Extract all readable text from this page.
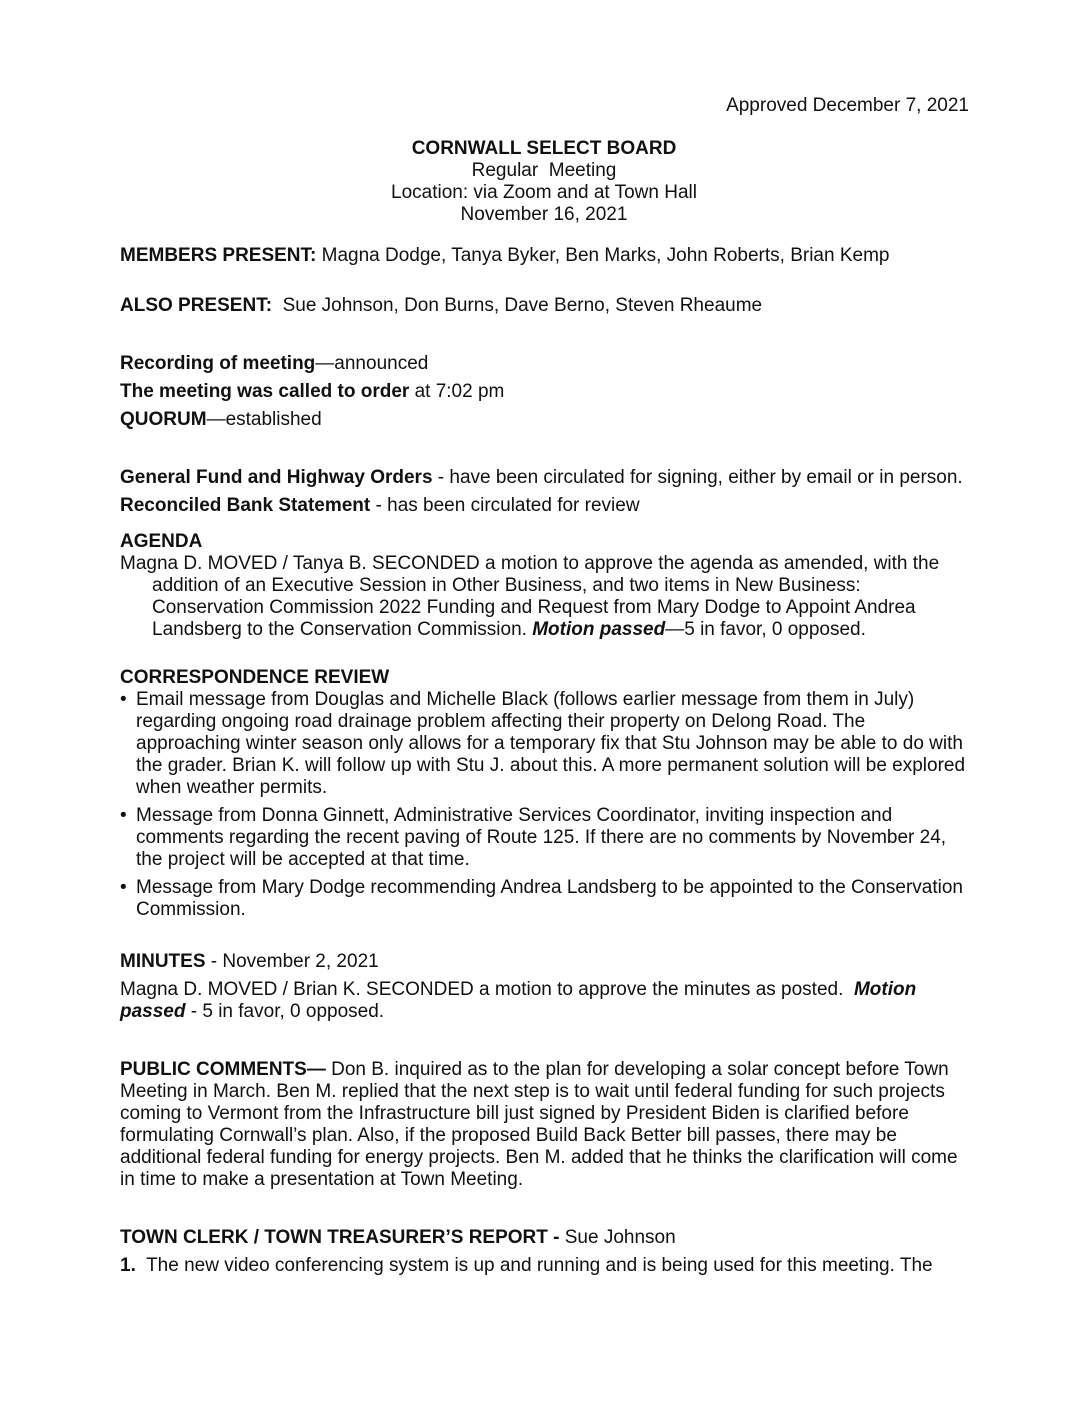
Approved December 7, 2021
CORNWALL SELECT BOARD
Regular  Meeting
Location: via Zoom and at Town Hall
November 16, 2021

MEMBERS PRESENT: Magna Dodge, Tanya Byker, Ben Marks, John Roberts, Brian Kemp

ALSO PRESENT:  Sue Johnson, Don Burns, Dave Berno, Steven Rheaume

Recording of meeting—announced

The meeting was called to order at 7:02 pm

QUORUM—established

General Fund and Highway Orders - have been circulated for signing, either by email or in person.

Reconciled Bank Statement - has been circulated for review

AGENDA

Magna D. MOVED / Tanya B. SECONDED a motion to approve the agenda as amended, with the addition of an Executive Session in Other Business, and two items in New Business: Conservation Commission 2022 Funding and Request from Mary Dodge to Appoint Andrea Landsberg to the Conservation Commission. Motion passed—5 in favor, 0 opposed.

CORRESPONDENCE REVIEW

• Email message from Douglas and Michelle Black (follows earlier message from them in July) regarding ongoing road drainage problem affecting their property on Delong Road. The approaching winter season only allows for a temporary fix that Stu Johnson may be able to do with the grader. Brian K. will follow up with Stu J. about this. A more permanent solution will be explored when weather permits.
• Message from Donna Ginnett, Administrative Services Coordinator, inviting inspection and comments regarding the recent paving of Route 125. If there are no comments by November 24, the project will be accepted at that time.
• Message from Mary Dodge recommending Andrea Landsberg to be appointed to the Conservation Commission.

MINUTES - November 2, 2021

Magna D. MOVED / Brian K. SECONDED a motion to approve the minutes as posted.  Motion passed - 5 in favor, 0 opposed.

PUBLIC COMMENTS— Don B. inquired as to the plan for developing a solar concept before Town Meeting in March. Ben M. replied that the next step is to wait until federal funding for such projects coming to Vermont from the Infrastructure bill just signed by President Biden is clarified before formulating Cornwall’s plan. Also, if the proposed Build Back Better bill passes, there may be additional federal funding for energy projects. Ben M. added that he thinks the clarification will come in time to make a presentation at Town Meeting.

TOWN CLERK / TOWN TREASURER’S REPORT - Sue Johnson

1.  The new video conferencing system is up and running and is being used for this meeting. The
